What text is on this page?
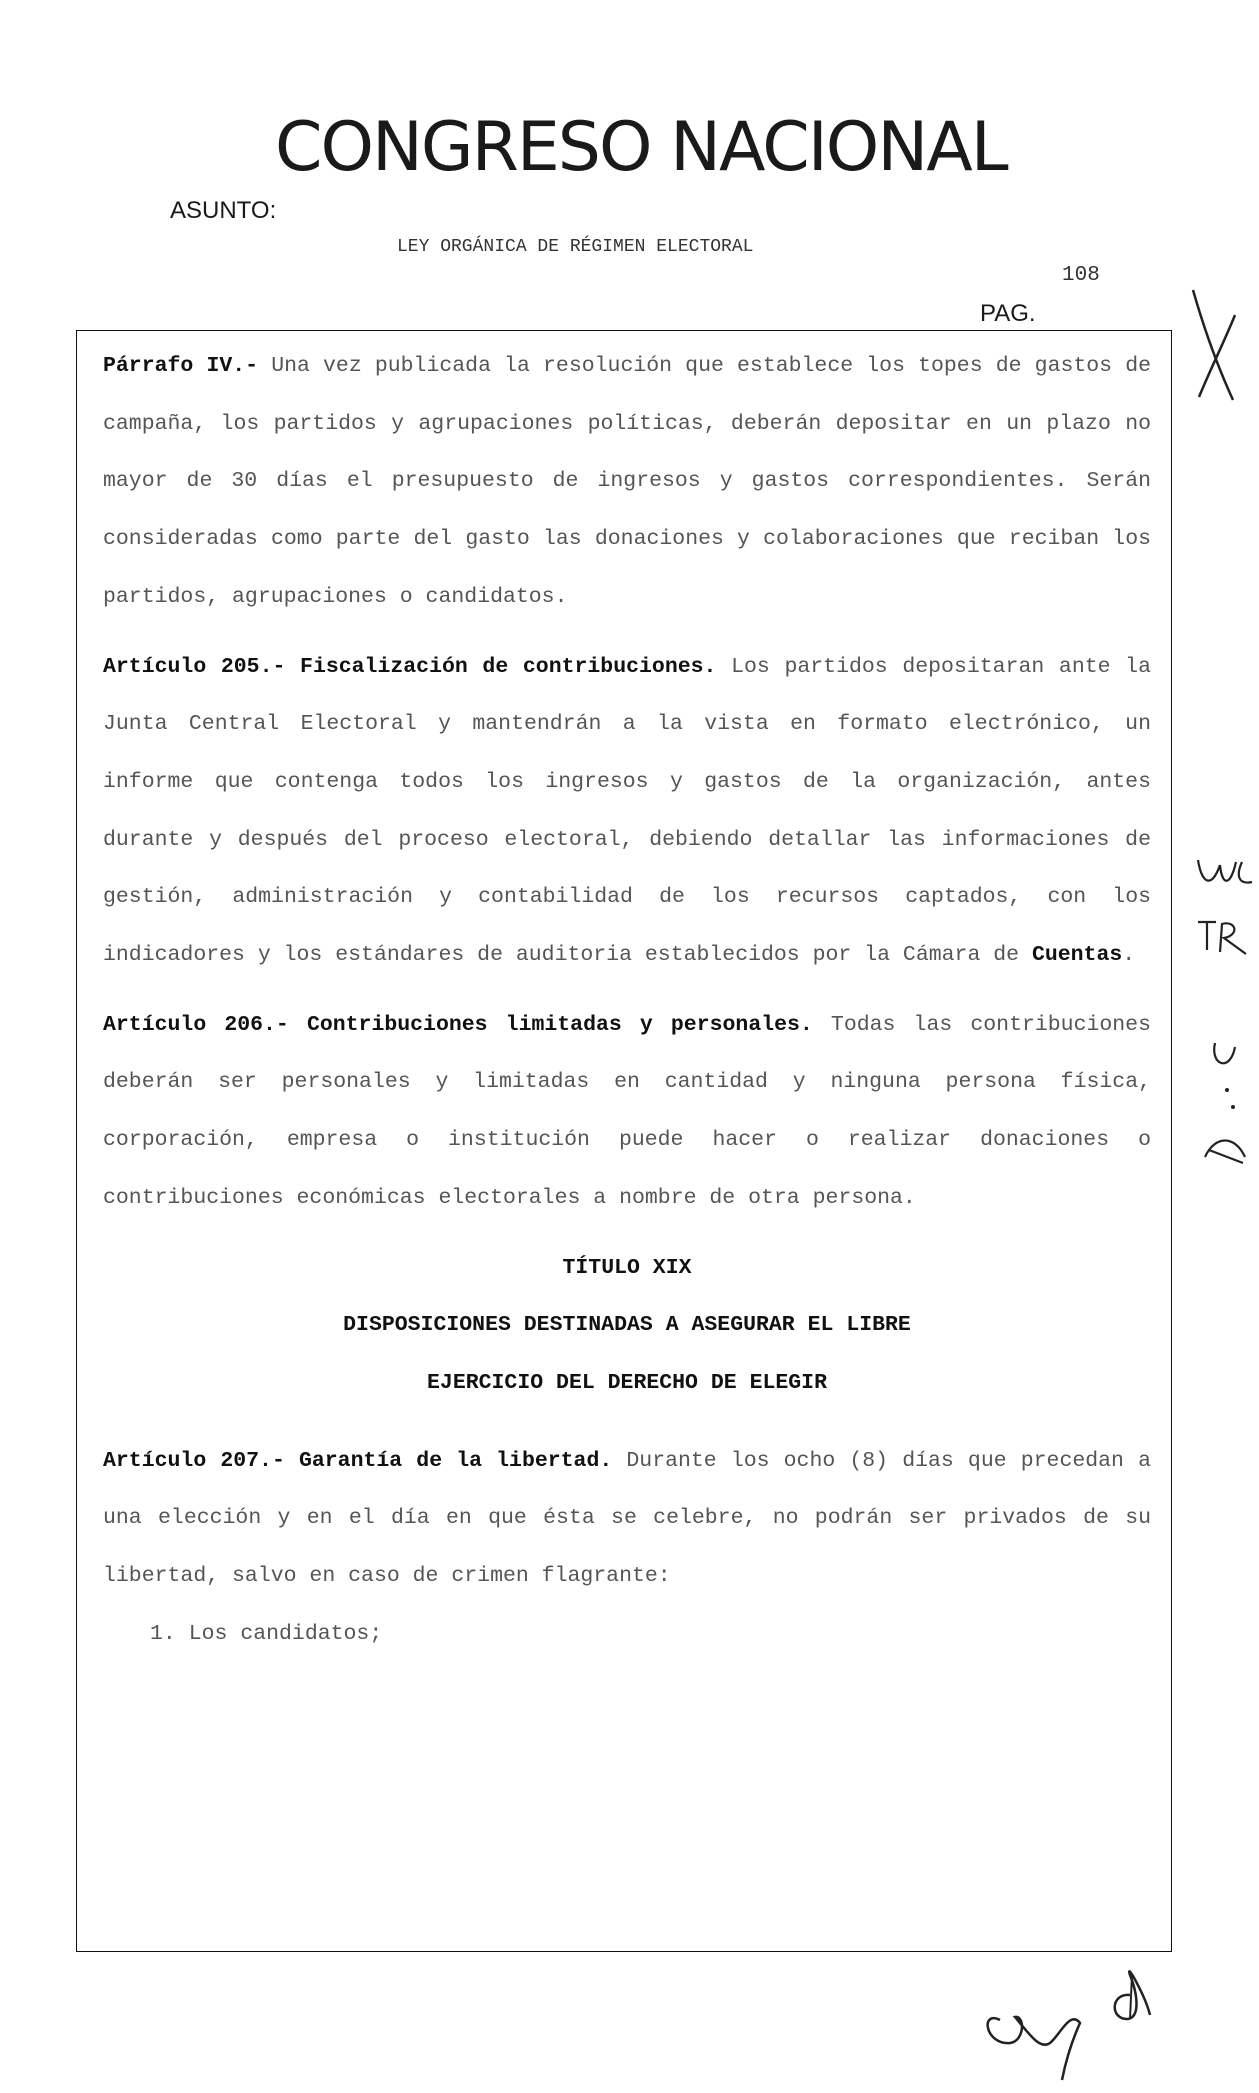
CONGRESO NACIONAL
ASUNTO:
LEY ORGÁNICA DE RÉGIMEN ELECTORAL
108
PAG.

Párrafo IV.- Una vez publicada la resolución que establece los topes de gastos de campaña, los partidos y agrupaciones políticas, deberán depositar en un plazo no mayor de 30 días el presupuesto de ingresos y gastos correspondientes. Serán consideradas como parte del gasto las donaciones y colaboraciones que reciban los partidos, agrupaciones o candidatos.

Artículo 205.- Fiscalización de contribuciones. Los partidos depositaran ante la Junta Central Electoral y mantendrán a la vista en formato electrónico, un informe que contenga todos los ingresos y gastos de la organización, antes durante y después del proceso electoral, debiendo detallar las informaciones de gestión, administración y contabilidad de los recursos captados, con los indicadores y los estándares de auditoria establecidos por la Cámara de Cuentas.

Artículo 206.- Contribuciones limitadas y personales. Todas las contribuciones deberán ser personales y limitadas en cantidad y ninguna persona física, corporación, empresa o institución puede hacer o realizar donaciones o contribuciones económicas electorales a nombre de otra persona.

TÍTULO XIX

DISPOSICIONES DESTINADAS A ASEGURAR EL LIBRE

EJERCICIO DEL DERECHO DE ELEGIR

Artículo 207.- Garantía de la libertad. Durante los ocho (8) días que precedan a una elección y en el día en que ésta se celebre, no podrán ser privados de su libertad, salvo en caso de crimen flagrante:

1. Los candidatos;
